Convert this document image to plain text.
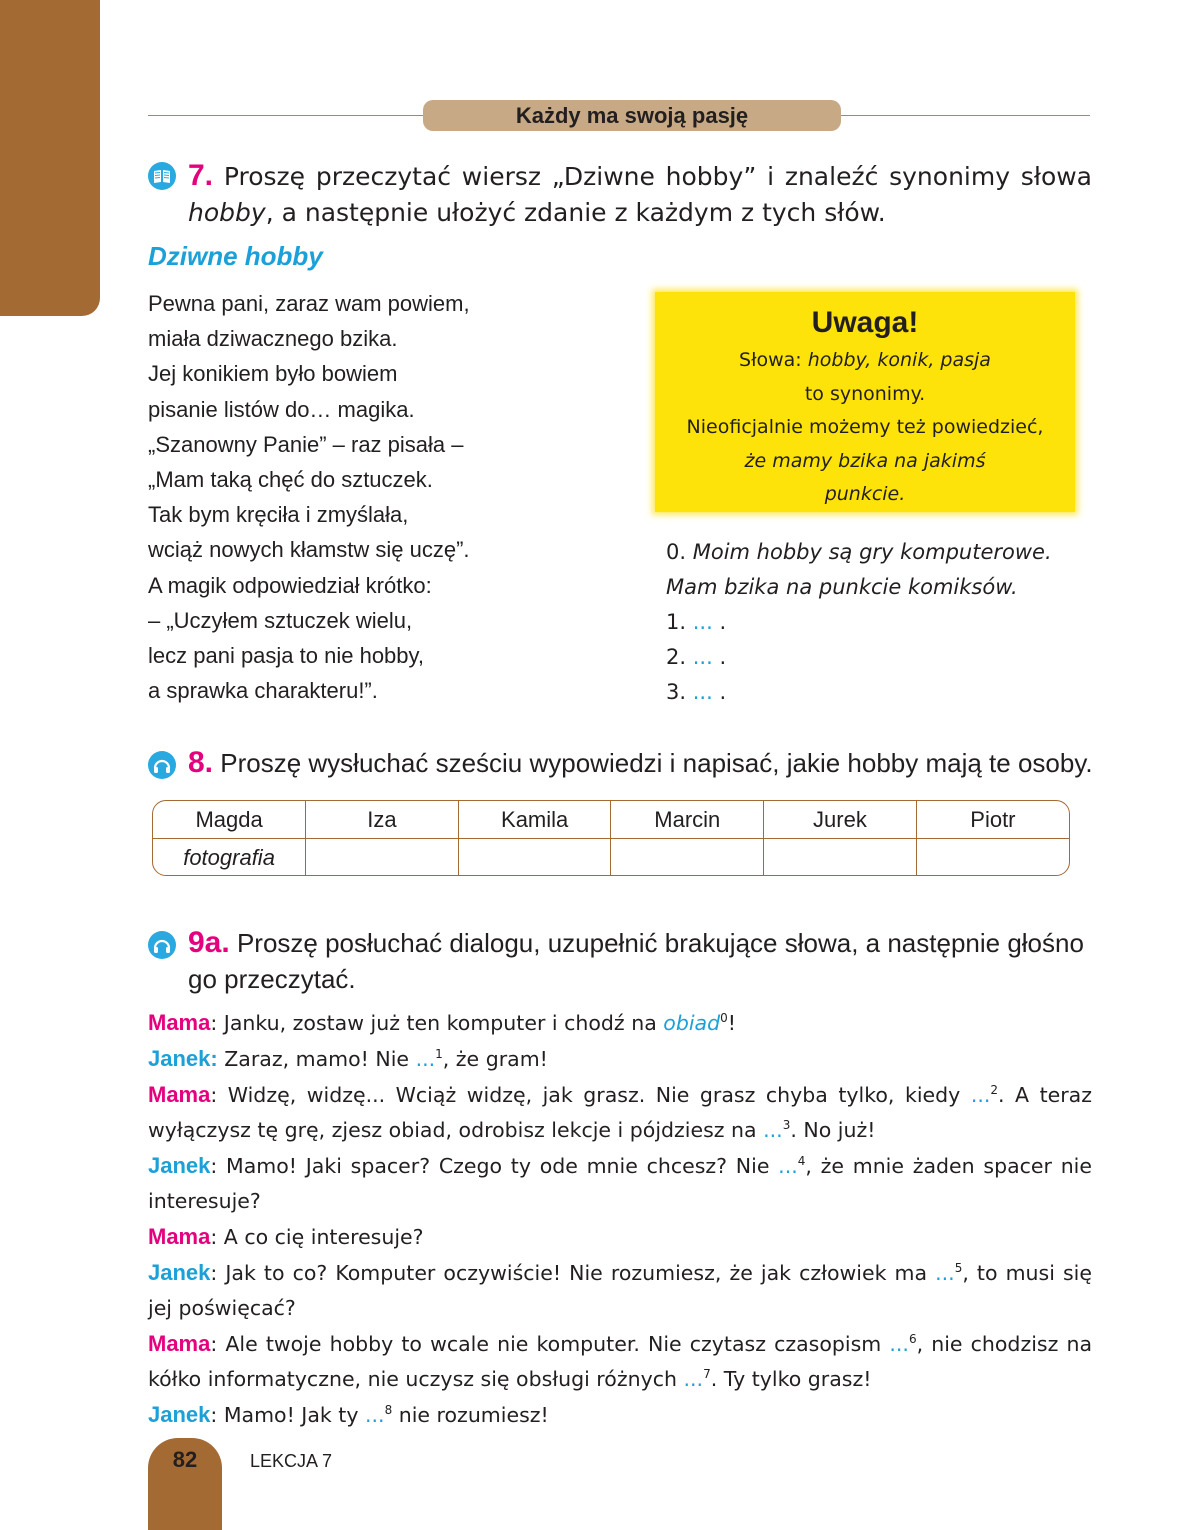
Każdy ma swoją pasję
7. Proszę przeczytać wiersz „Dziwne hobby” i znaleźć synonimy słowa hobby, a następnie ułożyć zdanie z każdym z tych słów.
Dziwne hobby
Pewna pani, zaraz wam powiem,
miała dziwacznego bzika.
Jej konikiem było bowiem
pisanie listów do… magika.
„Szanowny Panie” – raz pisała –
„Mam taką chęć do sztuczek.
Tak bym kręciła i zmyślała,
wciąż nowych kłamstw się uczę”.
A magik odpowiedział krótko:
– „Uczyłem sztuczek wielu,
lecz pani pasja to nie hobby,
a sprawka charakteru!”.
Uwaga!
Słowa: hobby, konik, pasja
to synonimy.
Nieoficjalnie możemy też powiedzieć,
że mamy bzika na jakimś
punkcie.
0. Moim hobby są gry komputerowe.
Mam bzika na punkcie komiksów.
1. ... .
2. ... .
3. ... .
8. Proszę wysłuchać sześciu wypowiedzi i napisać, jakie hobby mają te osoby.
Magda	Iza	Kamila	Marcin	Jurek	Piotr
fotografia					
9a. Proszę posłuchać dialogu, uzupełnić brakujące słowa, a następnie głośno go przeczytać.

Mama: Janku, zostaw już ten komputer i chodź na obiad$^0$!

Janek: Zaraz, mamo! Nie ...$^1$, że gram!

Mama: Widzę, widzę... Wciąż widzę, jak grasz. Nie grasz chyba tylko, kiedy ...$^2$. A teraz wyłączysz tę grę, zjesz obiad, odrobisz lekcje i pójdziesz na ...$^3$. No już!

Janek: Mamo! Jaki spacer? Czego ty ode mnie chcesz? Nie ...$^4$, że mnie żaden spacer nie interesuje?

Mama: A co cię interesuje?

Janek: Jak to co? Komputer oczywiście! Nie rozumiesz, że jak człowiek ma ...$^5$, to musi się jej poświęcać?

Mama: Ale twoje hobby to wcale nie komputer. Nie czytasz czasopism ...$^6$, nie chodzisz na kółko informatyczne, nie uczysz się obsługi różnych ...$^7$. Ty tylko grasz!

Janek: Mamo! Jak ty ...$^8$ nie rozumiesz!

82	LEKCJA 7
